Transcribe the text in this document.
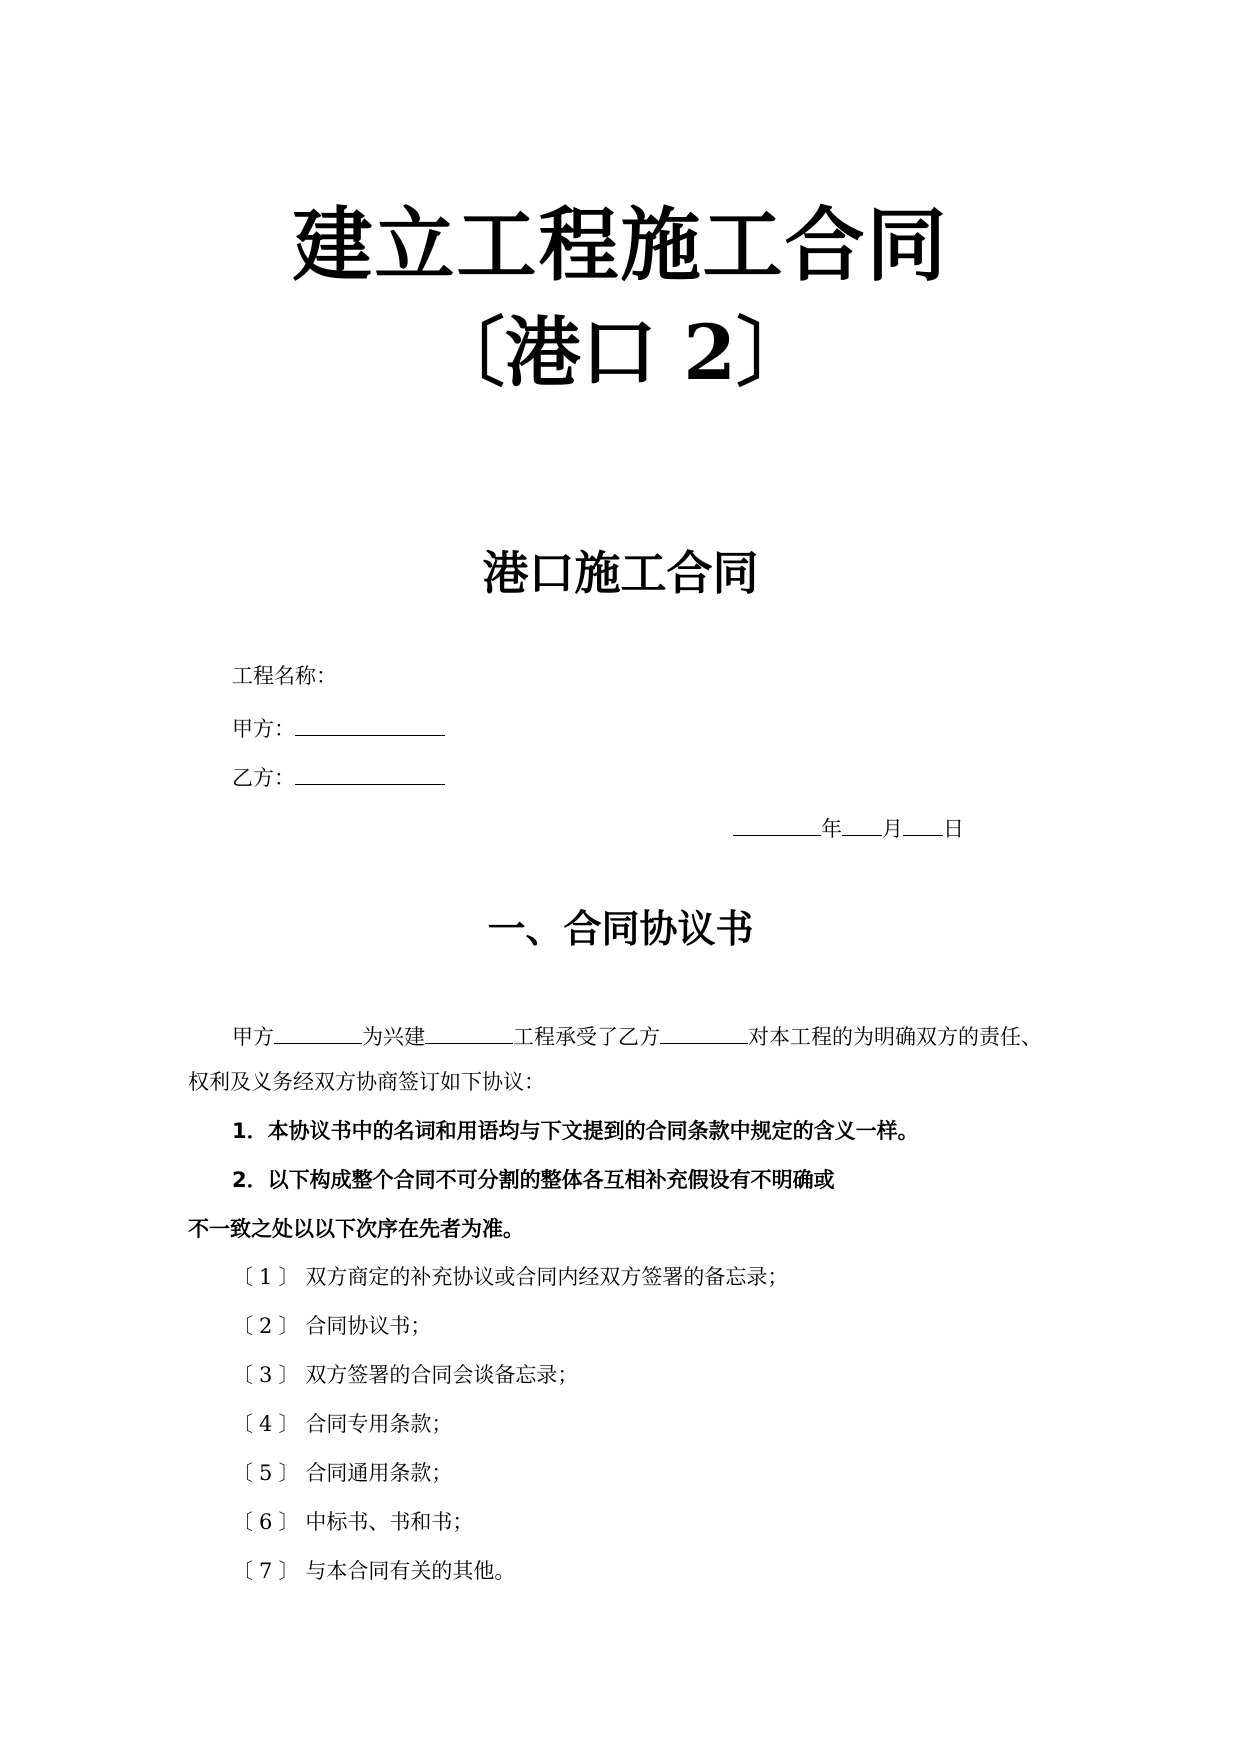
建立工程施工合同
〔港口 2〕
港口施工合同
工程名称：
甲方：
乙方：
年 月 日
一、合同协议书
甲方	为兴建	工程承受了乙方	对本工程的为明确双方的责任、
权利及义务经双方协商签订如下协议：
1．本协议书中的名词和用语均与下文提到的合同条款中规定的含义一样。
2．以下构成整个合同不可分割的整体各互相补充假设有不明确或
不一致之处以以下次序在先者为准。
〔1〕双方商定的补充协议或合同内经双方签署的备忘录；
〔2〕合同协议书；
〔3〕双方签署的合同会谈备忘录；
〔4〕合同专用条款；
〔5〕合同通用条款；
〔6〕中标书、书和书；
〔7〕与本合同有关的其他。
